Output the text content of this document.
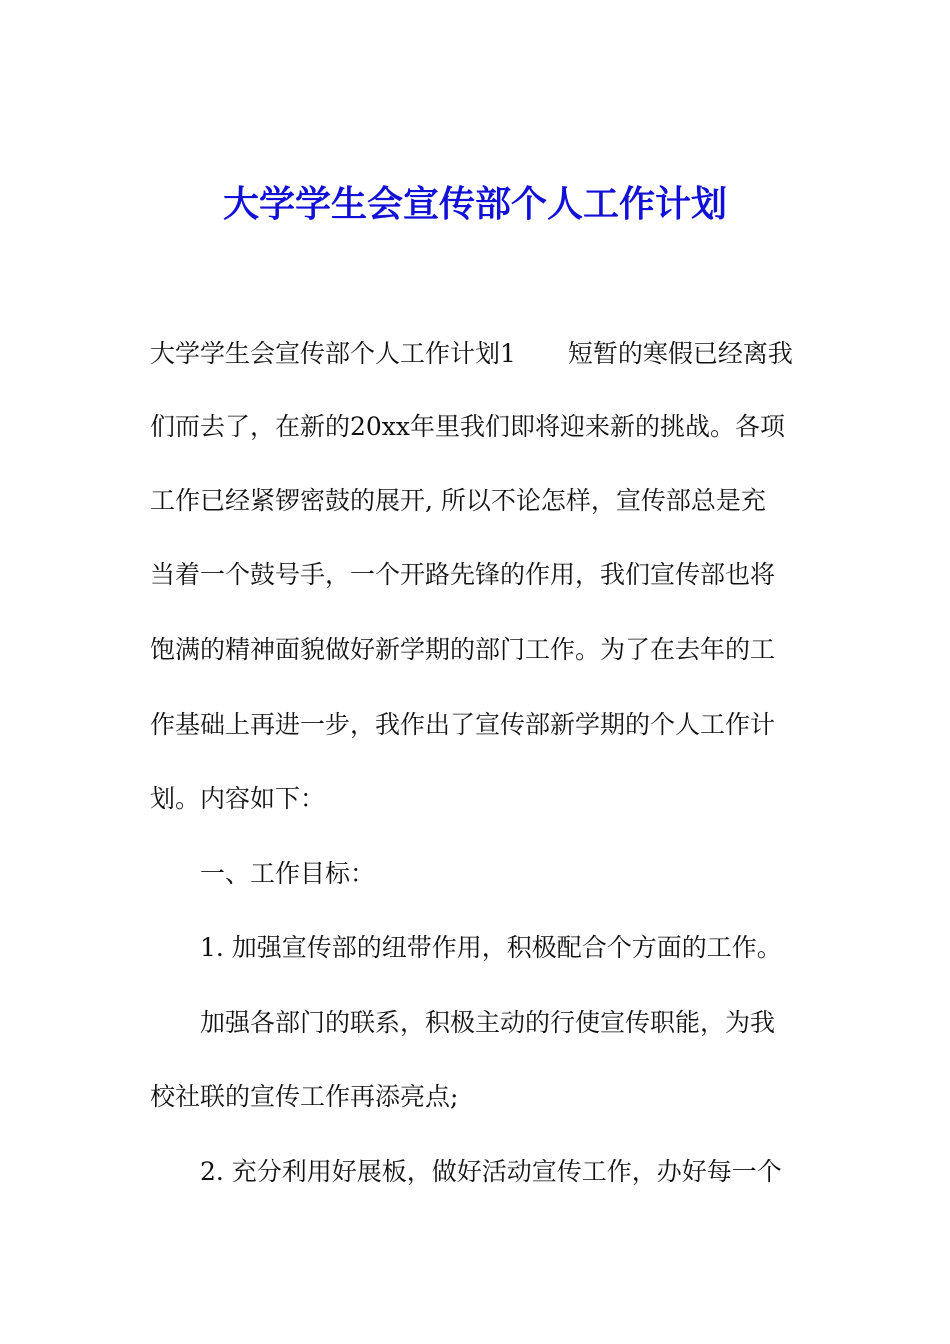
大学学生会宣传部个人工作计划
大学学生会宣传部个人工作计划1 短暂的寒假已经离我
们而去了，在新的20xx年里我们即将迎来新的挑战。各项
工作已经紧锣密鼓的展开, 所以不论怎样，宣传部总是充
当着一个鼓号手，一个开路先锋的作用，我们宣传部也将
饱满的精神面貌做好新学期的部门工作。为了在去年的工
作基础上再进一步，我作出了宣传部新学期的个人工作计
划。内容如下：
一、工作目标：
1. 加强宣传部的纽带作用，积极配合个方面的工作。
加强各部门的联系，积极主动的行使宣传职能，为我
校社联的宣传工作再添亮点;
2. 充分利用好展板，做好活动宣传工作，办好每一个
